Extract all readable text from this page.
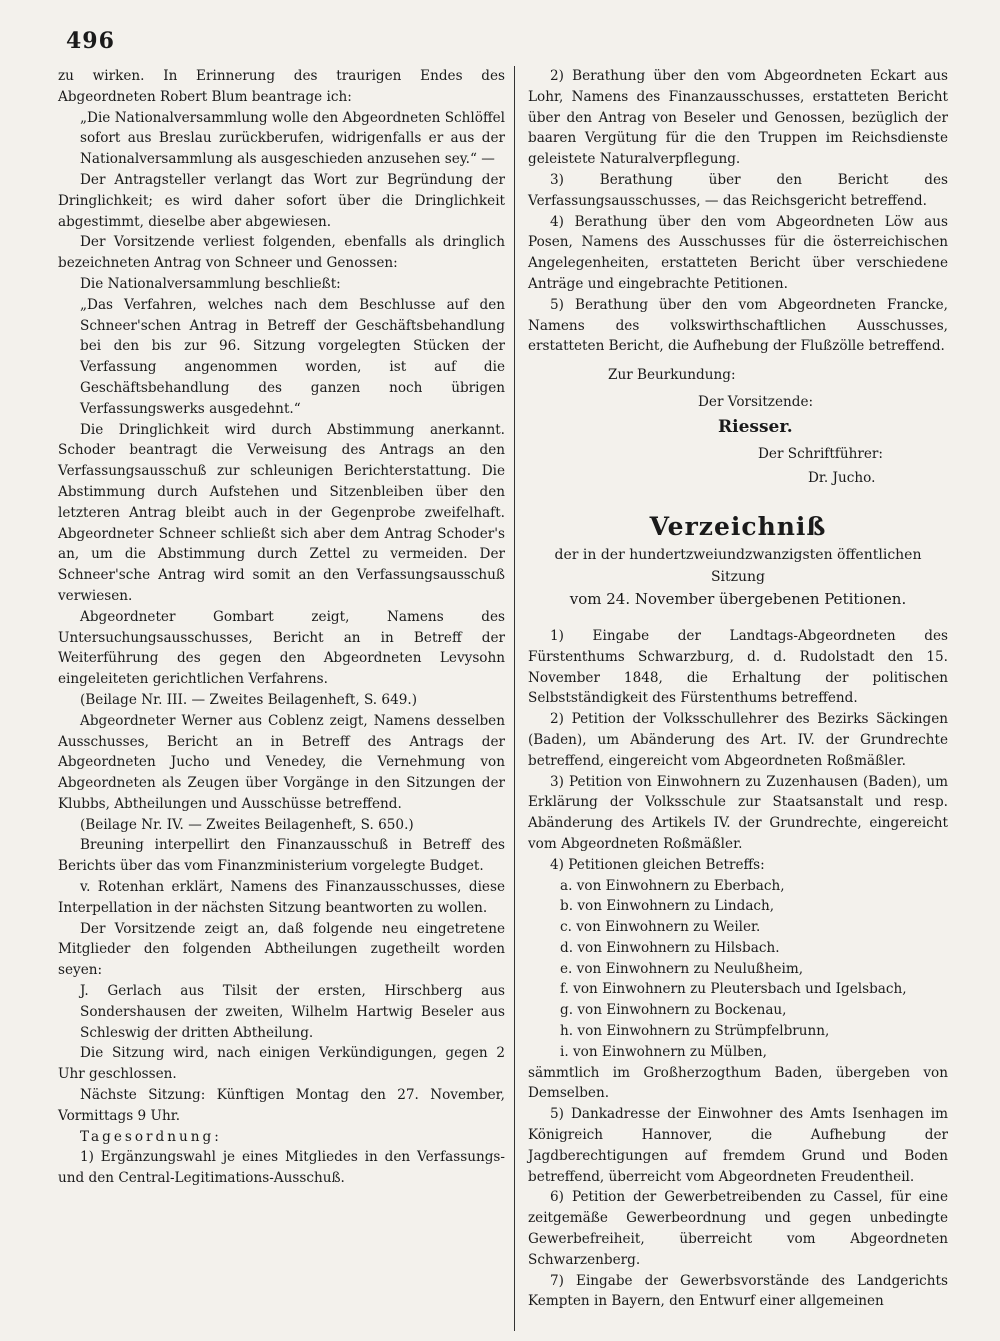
496

zu wirken. In Erinnerung des traurigen Endes des Abgeordneten Robert Blum beantrage ich:

„Die Nationalversammlung wolle den Abgeordneten Schlöffel sofort aus Breslau zurückberufen, widrigenfalls er aus der Nationalversammlung als ausgeschieden anzusehen sey.“ —

Der Antragsteller verlangt das Wort zur Begründung der Dringlichkeit; es wird daher sofort über die Dringlichkeit abgestimmt, dieselbe aber abgewiesen.

Der Vorsitzende verliest folgenden, ebenfalls als dringlich bezeichneten Antrag von Schneer und Genossen:

Die Nationalversammlung beschließt:

„Das Verfahren, welches nach dem Beschlusse auf den Schneer'schen Antrag in Betreff der Geschäftsbehandlung bei den bis zur 96. Sitzung vorgelegten Stücken der Verfassung angenommen worden, ist auf die Geschäftsbehandlung des ganzen noch übrigen Verfassungswerks ausgedehnt.“

Die Dringlichkeit wird durch Abstimmung anerkannt. Schoder beantragt die Verweisung des Antrags an den Verfassungsausschuß zur schleunigen Berichterstattung. Die Abstimmung durch Aufstehen und Sitzenbleiben über den letzteren Antrag bleibt auch in der Gegenprobe zweifelhaft. Abgeordneter Schneer schließt sich aber dem Antrag Schoder's an, um die Abstimmung durch Zettel zu vermeiden. Der Schneer'sche Antrag wird somit an den Verfassungsausschuß verwiesen.

Abgeordneter Gombart zeigt, Namens des Untersuchungsausschusses, Bericht an in Betreff der Weiterführung des gegen den Abgeordneten Levysohn eingeleiteten gerichtlichen Verfahrens.

(Beilage Nr. III. — Zweites Beilagenheft, S. 649.)

Abgeordneter Werner aus Coblenz zeigt, Namens desselben Ausschusses, Bericht an in Betreff des Antrags der Abgeordneten Jucho und Venedey, die Vernehmung von Abgeordneten als Zeugen über Vorgänge in den Sitzungen der Klubbs, Abtheilungen und Ausschüsse betreffend.

(Beilage Nr. IV. — Zweites Beilagenheft, S. 650.)

Breuning interpellirt den Finanzausschuß in Betreff des Berichts über das vom Finanzministerium vorgelegte Budget.

v. Rotenhan erklärt, Namens des Finanzausschusses, diese Interpellation in der nächsten Sitzung beantworten zu wollen.

Der Vorsitzende zeigt an, daß folgende neu eingetretene Mitglieder den folgenden Abtheilungen zugetheilt worden seyen:

J. Gerlach aus Tilsit der ersten, Hirschberg aus Sondershausen der zweiten, Wilhelm Hartwig Beseler aus Schleswig der dritten Abtheilung.

Die Sitzung wird, nach einigen Verkündigungen, gegen 2 Uhr geschlossen.

Nächste Sitzung: Künftigen Montag den 27. November, Vormittags 9 Uhr.

Tagesordnung:

1) Ergänzungswahl je eines Mitgliedes in den Verfassungs- und den Central-Legitimations-Ausschuß.

2) Berathung über den vom Abgeordneten Eckart aus Lohr, Namens des Finanzausschusses, erstatteten Bericht über den Antrag von Beseler und Genossen, bezüglich der baaren Vergütung für die den Truppen im Reichsdienste geleistete Naturalverpflegung.

3) Berathung über den Bericht des Verfassungsausschusses, — das Reichsgericht betreffend.

4) Berathung über den vom Abgeordneten Löw aus Posen, Namens des Ausschusses für die österreichischen Angelegenheiten, erstatteten Bericht über verschiedene Anträge und eingebrachte Petitionen.

5) Berathung über den vom Abgeordneten Francke, Namens des volkswirthschaftlichen Ausschusses, erstatteten Bericht, die Aufhebung der Flußzölle betreffend.

Zur Beurkundung:

Der Vorsitzende:

Riesser.

Der Schriftführer:

Dr. Jucho.

Verzeichniß
der in der hundertzweiundzwanzigsten öffentlichen Sitzung
vom 24. November übergebenen Petitionen.

1) Eingabe der Landtags-Abgeordneten des Fürstenthums Schwarzburg, d. d. Rudolstadt den 15. November 1848, die Erhaltung der politischen Selbstständigkeit des Fürstenthums betreffend.

2) Petition der Volksschullehrer des Bezirks Säckingen (Baden), um Abänderung des Art. IV. der Grundrechte betreffend, eingereicht vom Abgeordneten Roßmäßler.

3) Petition von Einwohnern zu Zuzenhausen (Baden), um Erklärung der Volksschule zur Staatsanstalt und resp. Abänderung des Artikels IV. der Grundrechte, eingereicht vom Abgeordneten Roßmäßler.

4) Petitionen gleichen Betreffs:

a. von Einwohnern zu Eberbach,

b. von Einwohnern zu Lindach,

c. von Einwohnern zu Weiler.

d. von Einwohnern zu Hilsbach.

e. von Einwohnern zu Neulußheim,

f. von Einwohnern zu Pleutersbach und Igelsbach,

g. von Einwohnern zu Bockenau,

h. von Einwohnern zu Strümpfelbrunn,

i. von Einwohnern zu Mülben,

sämmtlich im Großherzogthum Baden, übergeben von Demselben.

5) Dankadresse der Einwohner des Amts Isenhagen im Königreich Hannover, die Aufhebung der Jagdberechtigungen auf fremdem Grund und Boden betreffend, überreicht vom Abgeordneten Freudentheil.

6) Petition der Gewerbetreibenden zu Cassel, für eine zeitgemäße Gewerbeordnung und gegen unbedingte Gewerbefreiheit, überreicht vom Abgeordneten Schwarzenberg.

7) Eingabe der Gewerbsvorstände des Landgerichts Kempten in Bayern, den Entwurf einer allgemeinen
